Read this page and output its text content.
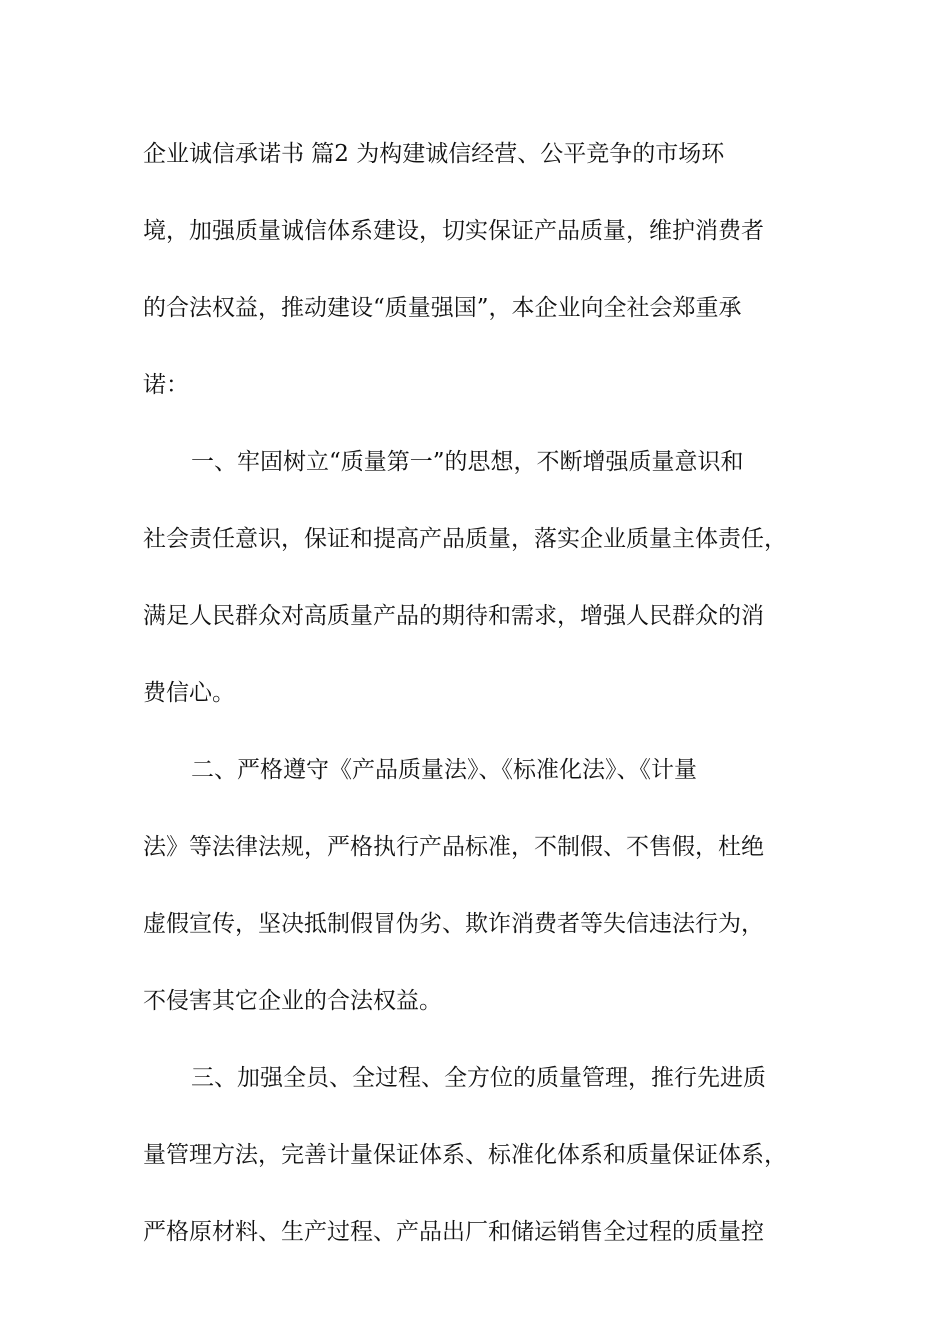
企业诚信承诺书 篇2 为构建诚信经营、公平竞争的市场环
境，加强质量诚信体系建设，切实保证产品质量，维护消费者
的合法权益，推动建设“质量强国”，本企业向全社会郑重承
诺：
一、牢固树立“质量第一”的思想，不断增强质量意识和
社会责任意识，保证和提高产品质量，落实企业质量主体责任，
满足人民群众对高质量产品的期待和需求，增强人民群众的消
费信心。
二、严格遵守《产品质量法》、《标准化法》、《计量
法》等法律法规，严格执行产品标准，不制假、不售假，杜绝
虚假宣传，坚决抵制假冒伪劣、欺诈消费者等失信违法行为，
不侵害其它企业的合法权益。
三、加强全员、全过程、全方位的质量管理，推行先进质
量管理方法，完善计量保证体系、标准化体系和质量保证体系，
严格原材料、生产过程、产品出厂和储运销售全过程的质量控
